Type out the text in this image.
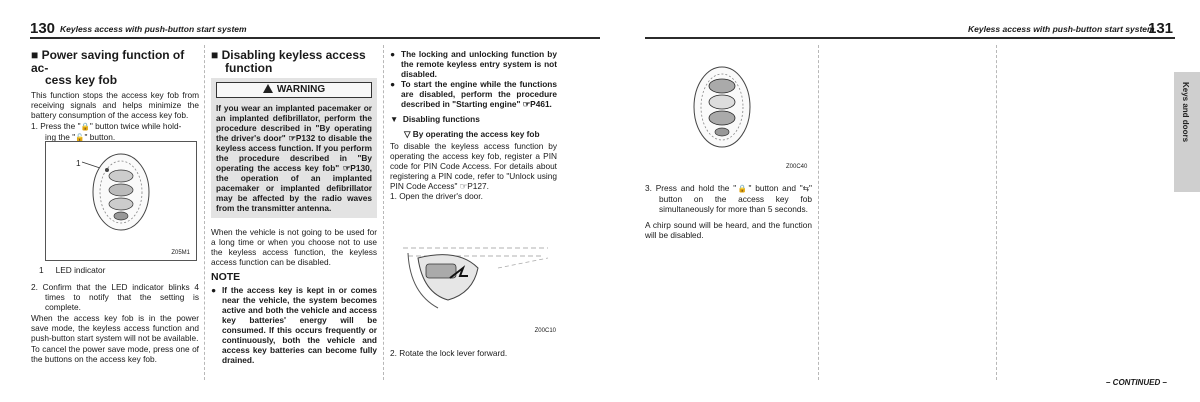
130 Keyless access with push-button start system
■ Power saving function of ac-
cess key fob
This function stops the access key fob from receiving signals and helps minimize the battery consumption of the access key fob.
1. Press the "🔒" button twice while hold-
ing the "🔓" button.
1
Z05M1
1 LED indicator
2. Confirm that the LED indicator blinks 4 times to notify that the setting is complete.
When the access key fob is in the power save mode, the keyless access function and push-button start system will not be available.
To cancel the power save mode, press one of the buttons on the access key fob.
■ Disabling keyless access
function
WARNING
If you wear an implanted pacemaker or an implanted defibrillator, perform the procedure described in "By operating the driver's door" ☞P132 to disable the keyless access function. If you perform the procedure described in "By operating the access key fob" ☞P130, the operation of an implanted pacemaker or implanted defibrillator may be affected by the radio waves from the transmitter antenna.
When the vehicle is not going to be used for a long time or when you choose not to use the keyless access function, the keyless access function can be disabled.
NOTE
● If the access key is kept in or comes near the vehicle, the system becomes active and both the vehicle and access key batteries' energy will be consumed. If this occurs frequently or continuously, both the vehicle and access key batteries can become fully drained.
● The locking and unlocking function by the remote keyless entry system is not disabled.
● To start the engine while the functions are disabled, perform the procedure described in "Starting engine" ☞P461.
▼ Disabling functions
▽ By operating the access key fob
To disable the keyless access function by operating the access key fob, register a PIN code for PIN Code Access. For details about registering a PIN code, refer to "Unlock using PIN Code Access" ☞P127.
1. Open the driver's door.
Z00C10
2. Rotate the lock lever forward.
Keyless access with push-button start system
131
Z00C40
3. Press and hold the "🔒" button and "⇆" button on the access key fob simultaneously for more than 5 seconds.
A chirp sound will be heard, and the function will be disabled.
Keys and doors
– CONTINUED –
